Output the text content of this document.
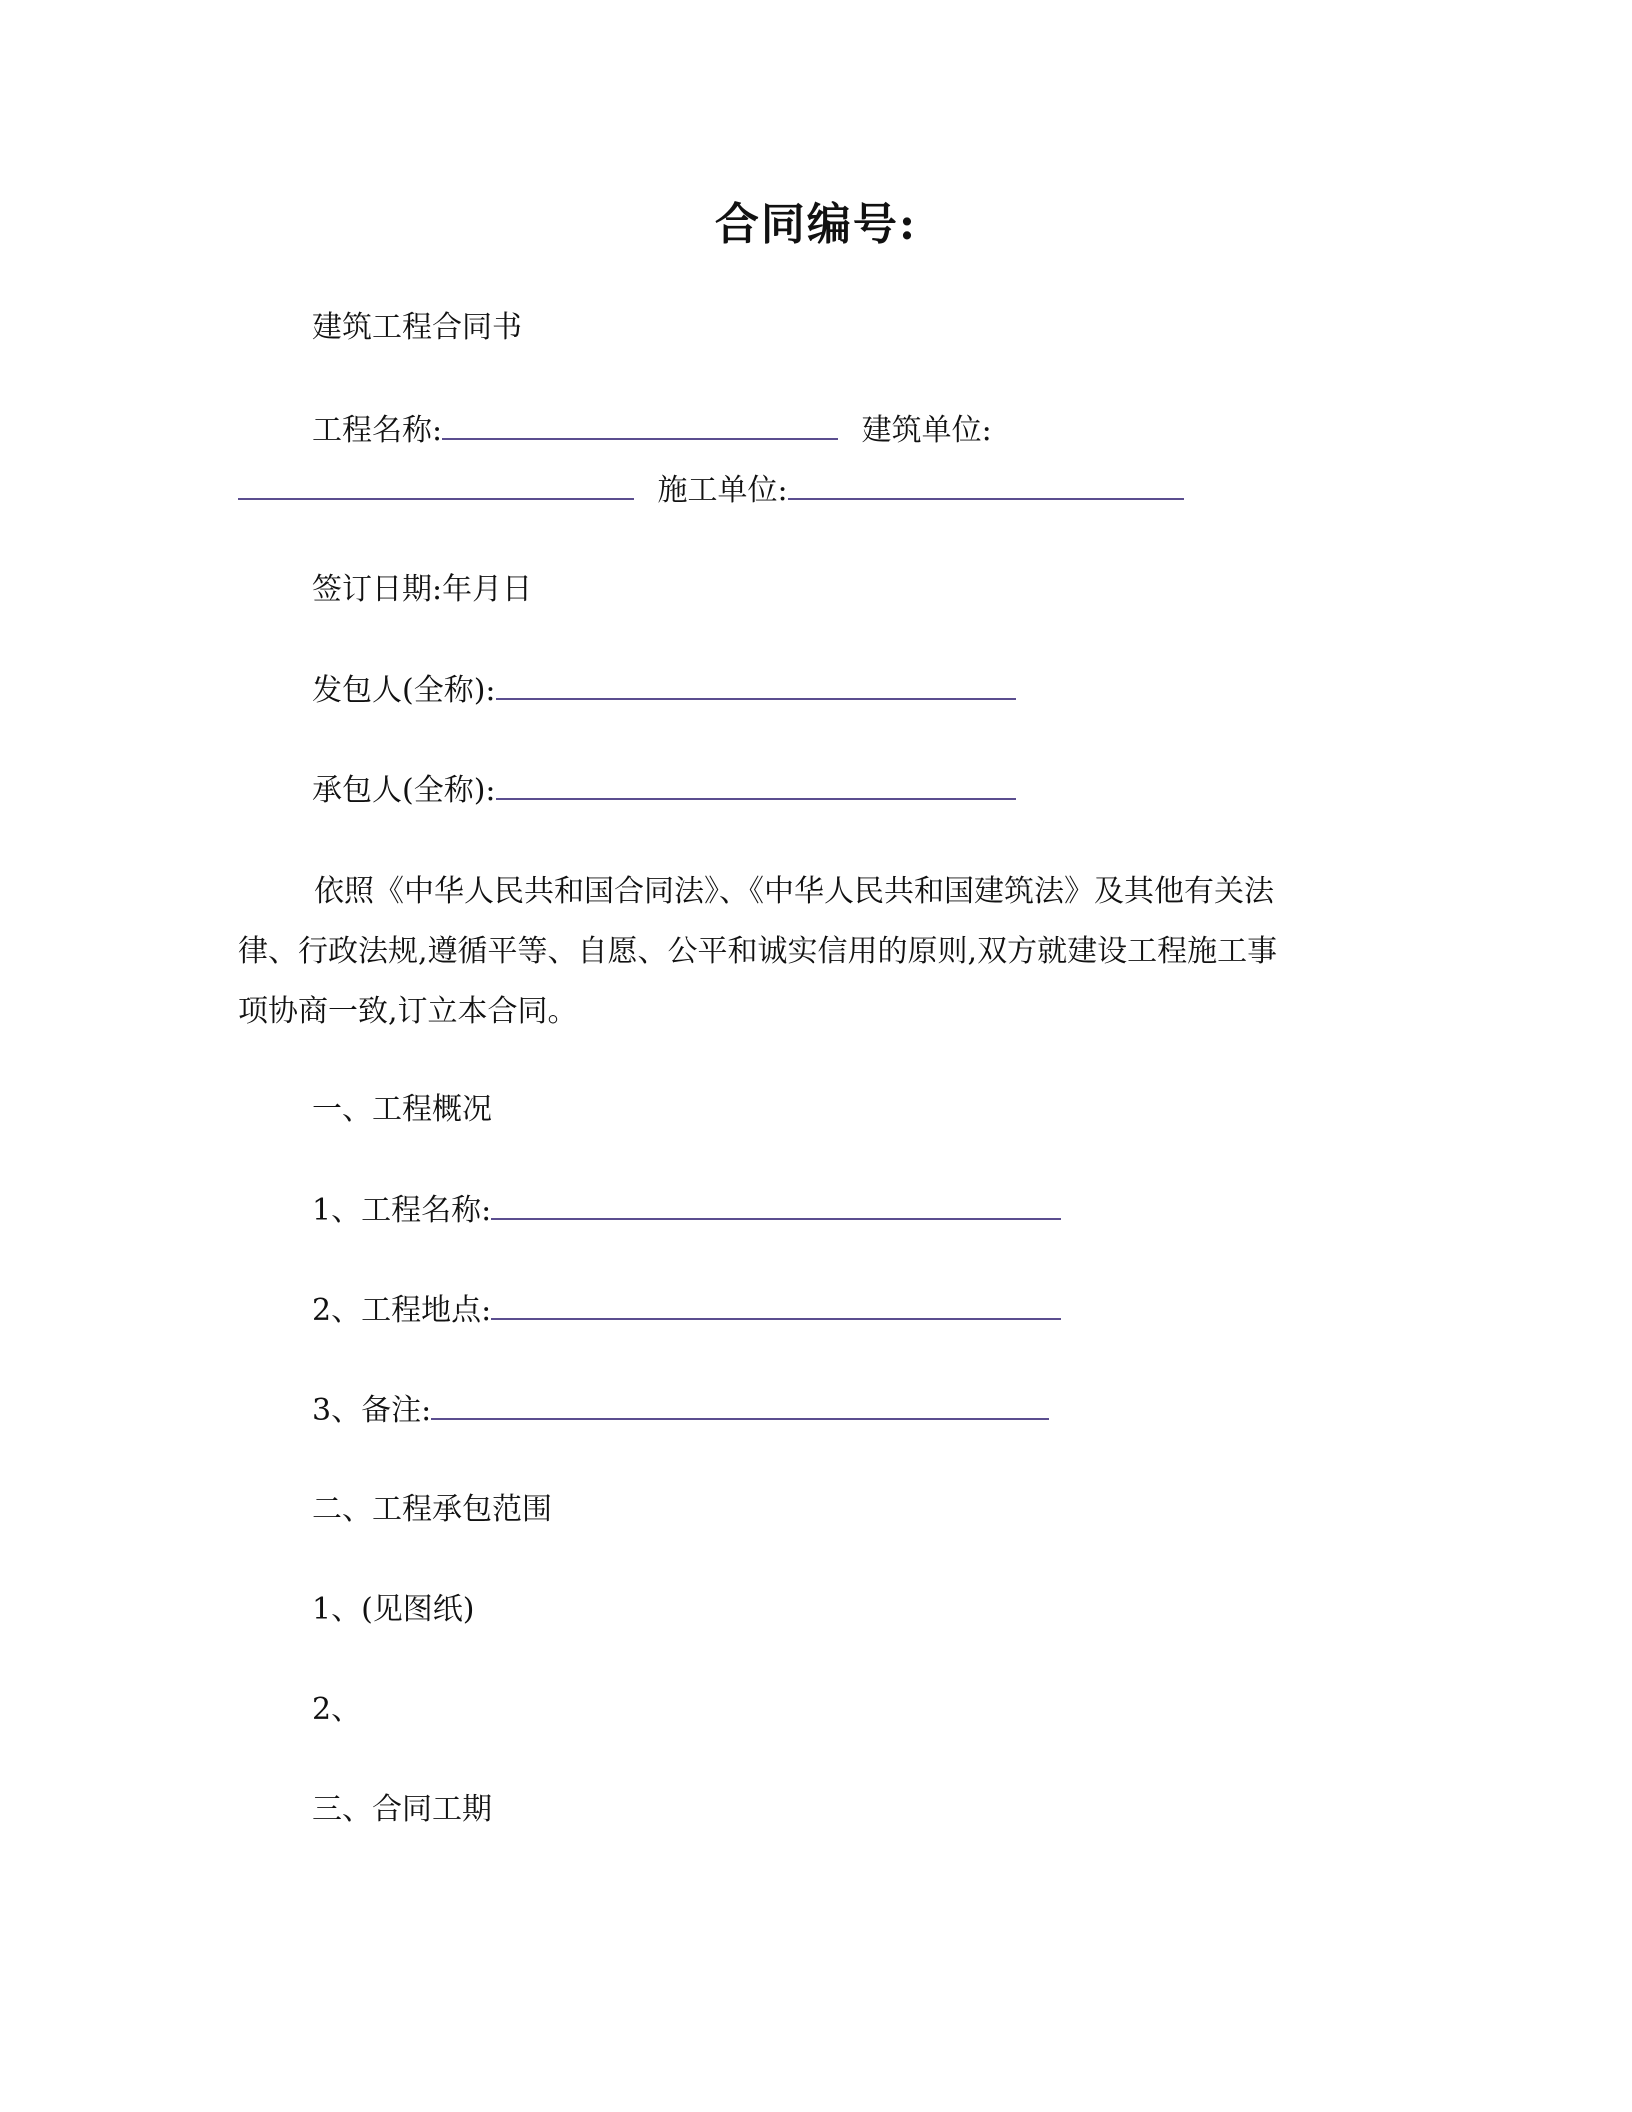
合同编号:
建筑工程合同书
工程名称:	建筑单位:
施工单位:
签订日期:年月日
发包人(全称):
承包人(全称):
依照《中华人民共和国合同法》、《中华人民共和国建筑法》及其他有关法律、行政法规,遵循平等、自愿、公平和诚实信用的原则,双方就建设工程施工事项协商一致,订立本合同。
一、工程概况
1、工程名称:
2、工程地点:
3、备注:
二、工程承包范围
1、(见图纸)
2、
三、合同工期
